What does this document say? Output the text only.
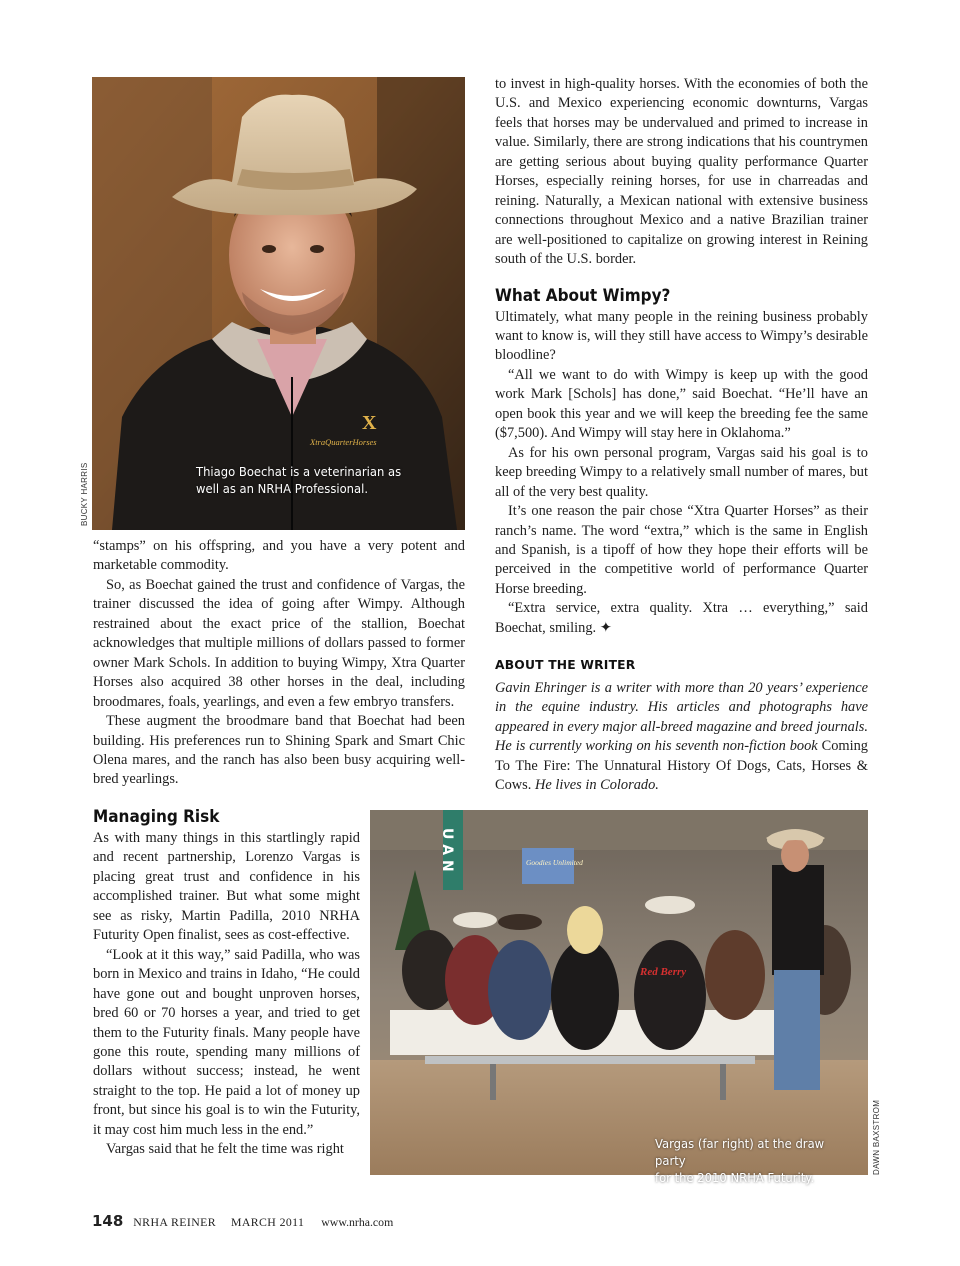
X
XtraQuarterHorses
Thiago Boechat is a veterinarian as
well as an NRHA Professional.
BUCKY HARRIS

to invest in high-quality horses. With the economies of both the U.S. and Mexico experiencing economic downturns, Vargas feels that horses may be undervalued and primed to increase in value. Similarly, there are strong indications that his countrymen are getting serious about buying quality performance Quarter Horses, especially reining horses, for use in charreadas and reining. Naturally, a Mexican national with extensive business connections throughout Mexico and a native Brazilian trainer are well-positioned to capitalize on growing interest in Reining south of the U.S. border.

What About Wimpy?

Ultimately, what many people in the reining business probably want to know is, will they still have access to Wimpy’s desirable bloodline?

“All we want to do with Wimpy is keep up with the good work Mark [Schols] has done,” said Boechat. “He’ll have an open book this year and we will keep the breeding fee the same ($7,500). And Wimpy will stay here in Oklahoma.”

As for his own personal program, Vargas said his goal is to keep breeding Wimpy to a relatively small number of mares, but all of the very best quality.

It’s one reason the pair chose “Xtra Quarter Horses” as their ranch’s name. The word “extra,” which is the same in English and Spanish, is a tipoff of how they hope their efforts will be perceived in the competitive world of performance Quarter Horse breeding.

“Extra service, extra quality. Xtra … everything,” said Boechat, smiling. ✦

ABOUT THE WRITER

Gavin Ehringer is a writer with more than 20 years’ experience in the equine industry. His articles and photographs have appeared in every major all-breed magazine and breed journals. He is currently working on his seventh non-fiction book Coming To The Fire: The Unnatural History Of Dogs, Cats, Horses & Cows. He lives in Colorado.

“stamps” on his offspring, and you have a very potent and marketable commodity.

So, as Boechat gained the trust and confidence of Vargas, the trainer discussed the idea of going after Wimpy. Although restrained about the exact price of the stallion, Boechat acknowledges that multiple millions of dollars passed to former owner Mark Schols. In addition to buying Wimpy, Xtra Quarter Horses also acquired 38 other horses in the deal, including broodmares, foals, yearlings, and even a few embryo transfers.

These augment the broodmare band that Boechat had been building. His preferences run to Shining Spark and Smart Chic Olena mares, and the ranch has also been busy acquiring well-bred yearlings.

Managing Risk

As with many things in this startlingly rapid and recent partnership, Lorenzo Vargas is placing great trust and confidence in his accomplished trainer. But what some might see as risky, Martin Padilla, 2010 NRHA Futurity Open finalist, sees as cost-effective.

“Look at it this way,” said Padilla, who was born in Mexico and trains in Idaho, “He could have gone out and bought unproven horses, bred 60 or 70 horses a year, and tried to get them to the Futurity finals. Many people have gone this route, spending many millions of dollars without success; instead, he went straight to the top. He paid a lot of money up front, but since his goal is to win the Futurity, it may cost him much less in the end.”

Vargas said that he felt the time was right

U A N	Goodies Unlimited
Red Berry
Vargas (far right) at the draw party
for the 2010 NRHA Futurity.
DAWN BAXSTROM
148 NRHA REINER MARCH 2011 www.nrha.com
